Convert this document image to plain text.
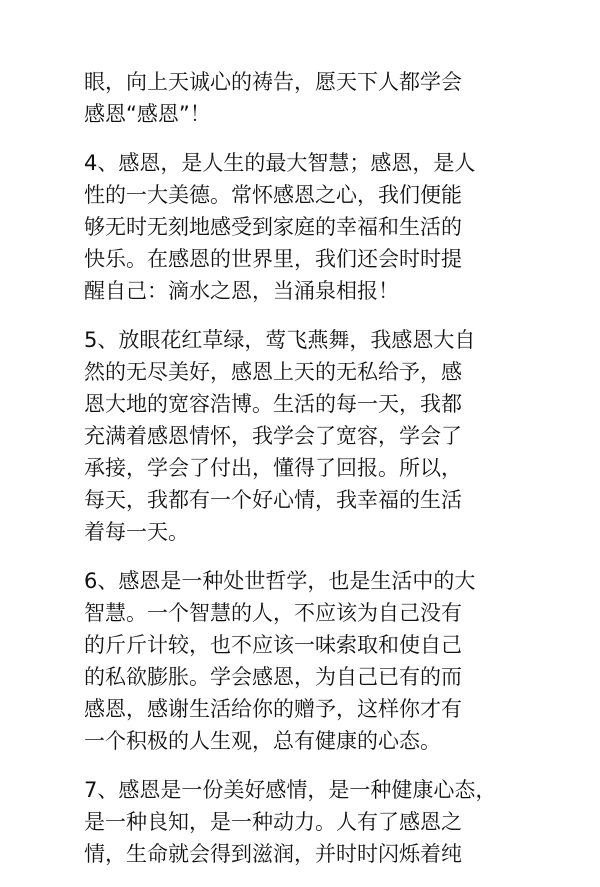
眼，向上天诚心的祷告，愿天下人都学会
感恩“感恩”！
4、感恩，是人生的最大智慧；感恩，是人
性的一大美德。常怀感恩之心，我们便能
够无时无刻地感受到家庭的幸福和生活的
快乐。在感恩的世界里，我们还会时时提
醒自己：滴水之恩，当涌泉相报！
5、放眼花红草绿，莺飞燕舞，我感恩大自
然的无尽美好，感恩上天的无私给予，感
恩大地的宽容浩博。生活的每一天，我都
充满着感恩情怀，我学会了宽容，学会了
承接，学会了付出，懂得了回报。所以，
每天，我都有一个好心情，我幸福的生活
着每一天。
6、感恩是一种处世哲学，也是生活中的大
智慧。一个智慧的人，不应该为自己没有
的斤斤计较，也不应该一味索取和使自己
的私欲膨胀。学会感恩，为自己已有的而
感恩，感谢生活给你的赠予，这样你才有
一个积极的人生观，总有健康的心态。
7、感恩是一份美好感情，是一种健康心态，
是一种良知，是一种动力。人有了感恩之
情，生命就会得到滋润，并时时闪烁着纯
